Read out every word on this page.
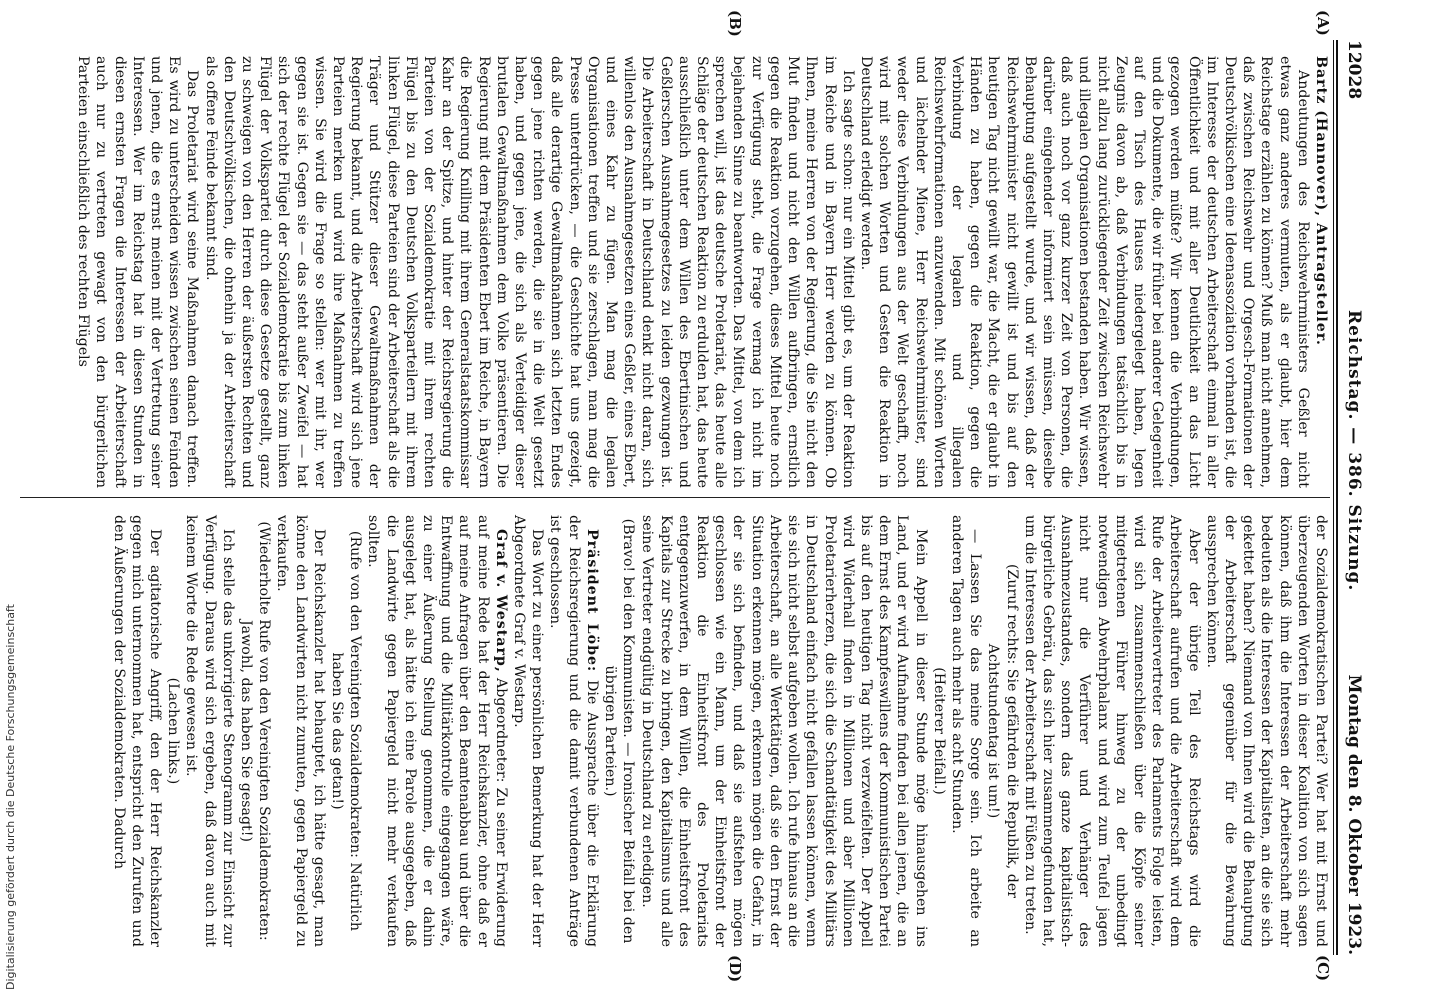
12028
Reichstag. — 386. Sitzung.
Montag den 8. Oktober 1923.
(A)
(B)
(C)
(D)

Bartz (Hannover), Antragsteller.

Andeutungen des Reichswehrministers Geßler nicht etwas ganz anderes vermuten, als er glaubt, hier dem Reichstage erzählen zu können? Muß man nicht annehmen, daß zwischen Reichswehr und Orgesch-Formationen der Deutschvölkischen eine Ideenassoziation vorhanden ist, die im Interesse der deutschen Arbeiterschaft einmal in aller Öffentlichkeit und mit aller Deutlichkeit an das Licht gezogen werden müßte? Wir kennen die Verbindungen, und die Dokumente, die wir früher bei anderer Gelegenheit auf den Tisch des Hauses niedergelegt haben, legen Zeugnis davon ab, daß Verbindungen tatsächlich bis in nicht allzu lang zurückliegender Zeit zwischen Reichswehr und illegalen Organisationen bestanden haben. Wir wissen, daß auch noch vor ganz kurzer Zeit von Personen, die darüber eingehender informiert sein müssen, dieselbe Behauptung aufgestellt wurde, und wir wissen, daß der Reichswehrminister nicht gewillt ist und bis auf den heutigen Tag nicht gewillt war, die Macht, die er glaubt in Händen zu haben, gegen die Reaktion, gegen die Verbindung der legalen und illegalen Reichswehrformationen anzuwenden. Mit schönen Worten und lächelnder Miene, Herr Reichswehrminister, sind weder diese Verbindungen aus der Welt geschafft, noch wird mit solchen Worten und Gesten die Reaktion in Deutschland erledigt werden.

Ich sagte schon: nur ein Mittel gibt es, um der Reaktion im Reiche und in Bayern Herr werden zu können. Ob Ihnen, meine Herren von der Regierung, die Sie nicht den Mut finden und nicht den Willen aufbringen, ernstlich gegen die Reaktion vorzugehen, dieses Mittel heute noch zur Verfügung steht, die Frage vermag ich nicht im bejahenden Sinne zu beantworten. Das Mittel, von dem ich sprechen will, ist das deutsche Proletariat, das heute alle Schläge der deutschen Reaktion zu erdulden hat, das heute ausschließlich unter dem Willen des Ebertinischen und Geßlerschen Ausnahmegesetzes zu leiden gezwungen ist. Die Arbeiterschaft in Deutschland denkt nicht daran, sich willenlos den Ausnahmegesetzen eines Geßler, eines Ebert, und eines Kahr zu fügen. Man mag die legalen Organisationen treffen und sie zerschlagen, man mag die Presse unterdrücken, — die Geschichte hat uns gezeigt, daß alle derartige Gewaltmaßnahmen sich letzten Endes gegen jene richten werden, die sie in die Welt gesetzt haben, und gegen jene, die sich als Verteidiger dieser brutalen Gewaltmaßnahmen dem Volke präsentieren. Die Regierung mit dem Präsidenten Ebert im Reiche, in Bayern die Regierung Knilling mit ihrem Generalstaatskommissar Kahr an der Spitze, und hinter der Reichsregierung die Parteien von der Sozialdemokratie mit ihrem rechten Flügel bis zu den Deutschen Volksparteilern mit ihrem linken Flügel, diese Parteien sind der Arbeiterschaft als die Träger und Stützer dieser Gewaltmaßnahmen der Regierung bekannt, und die Arbeiterschaft wird sich jene Parteien merken und wird ihre Maßnahmen zu treffen wissen. Sie wird die Frage so stellen: wer mit ihr, wer gegen sie ist. Gegen sie — das steht außer Zweifel — hat sich der rechte Flügel der Sozialdemokratie bis zum linken Flügel der Volkspartei durch diese Gesetze gestellt, ganz zu schweigen von den Herren der äußersten Rechten und den Deutschvölkischen, die ohnehin ja der Arbeiterschaft als offene Feinde bekannt sind.

Das Proletariat wird seine Maßnahmen danach treffen. Es wird zu unterscheiden wissen zwischen seinen Feinden und jenen, die es ernst meinen mit der Vertretung seiner Interessen. Wer im Reichstag hat in diesen Stunden in diesen ernsten Fragen die Interessen der Arbeiterschaft auch nur zu vertreten gewagt von den bürgerlichen Parteien einschließlich des rechten Flügels

der Sozialdemokratischen Partei? Wer hat mit Ernst und überzeugenden Worten in dieser Koalition von sich sagen können, daß ihm die Interessen der Arbeiterschaft mehr bedeuten als die Interessen der Kapitalisten, an die sie sich gekettet haben? Niemand von Ihnen wird die Behauptung der Arbeiterschaft gegenüber für die Bewahrung aussprechen können.

Aber der übrige Teil des Reichstags wird die Arbeiterschaft aufrufen und die Arbeiterschaft wird dem Rufe der Arbeitervertreter des Parlaments Folge leisten, wird sich zusammenschließen über die Köpfe seiner mitgetretenen Führer hinweg zu der unbedingt notwendigen Abwehrphalanx und wird zum Teufel jagen nicht nur die Verführer und Verhänger des Ausnahmezustandes, sondern das ganze kapitalistisch-bürgerliche Gebräu, das sich hier zusammengefunden hat, um die Interessen der Arbeiterschaft mit Füßen zu treten.

(Zuruf rechts: Sie gefährden die Republik, der Achtstundentag ist um!)

— Lassen Sie das meine Sorge sein. Ich arbeite an anderen Tagen auch mehr als acht Stunden.

(Heiterer Beifall.)

Mein Appell in dieser Stunde möge hinausgehen ins Land, und er wird Aufnahme finden bei allen jenen, die an dem Ernst des Kampfeswillens der Kommunistischen Partei bis auf den heutigen Tag nicht verzweifelten. Der Appell wird Widerhall finden in Millionen und aber Millionen Proletarierherzen, die sich die Schandtätigkeit des Militärs in Deutschland einfach nicht gefallen lassen können, wenn sie sich nicht selbst aufgeben wollen. Ich rufe hinaus an die Arbeiterschaft, an alle Werktätigen, daß sie den Ernst der Situation erkennen mögen, erkennen mögen die Gefahr, in der sie sich befinden, und daß sie aufstehen mögen geschlossen wie ein Mann, um der Einheitsfront der Reaktion die Einheitsfront des Proletariats entgegenzuwerfen, in dem Willen, die Einheitsfront des Kapitals zur Strecke zu bringen, den Kapitalismus und alle seine Vertreter endgültig in Deutschland zu erledigen.

(Bravo! bei den Kommunisten. — Ironischer Beifall bei den übrigen Parteien.)

Präsident Löbe: Die Aussprache über die Erklärung der Reichsregierung und die damit verbundenen Anträge ist geschlossen.

Das Wort zu einer persönlichen Bemerkung hat der Herr Abgeordnete Graf v. Westarp.

Graf v. Westarp, Abgeordneter: Zu seiner Erwiderung auf meine Rede hat der Herr Reichskanzler, ohne daß er auf meine Anfragen über den Beamtenabbau und über die Entwaffnung und die Militärkontrolle eingegangen wäre, zu einer Äußerung Stellung genommen, die er dahin ausgelegt hat, als hätte ich eine Parole ausgegeben, daß die Landwirte gegen Papiergeld nicht mehr verkaufen sollten.

(Rufe von den Vereinigten Sozialdemokraten: Natürlich haben Sie das getan!)

Der Reichskanzler hat behauptet, ich hätte gesagt, man könne den Landwirten nicht zumuten, gegen Papiergeld zu verkaufen.

(Wiederholte Rufe von den Vereinigten Sozialdemokraten: Jawohl, das haben Sie gesagt!)

Ich stelle das unkorrigierte Stenogramm zur Einsicht zur Verfügung. Daraus wird sich ergeben, daß davon auch mit keinem Worte die Rede gewesen ist.

(Lachen links.)

Der agitatorische Angriff, den der Herr Reichskanzler gegen mich unternommen hat, entspricht den Zurufen und den Äußerungen der Sozialdemokraten. Dadurch

Digitalisierung gefördert durch die Deutsche Forschungsgemeinschaft
